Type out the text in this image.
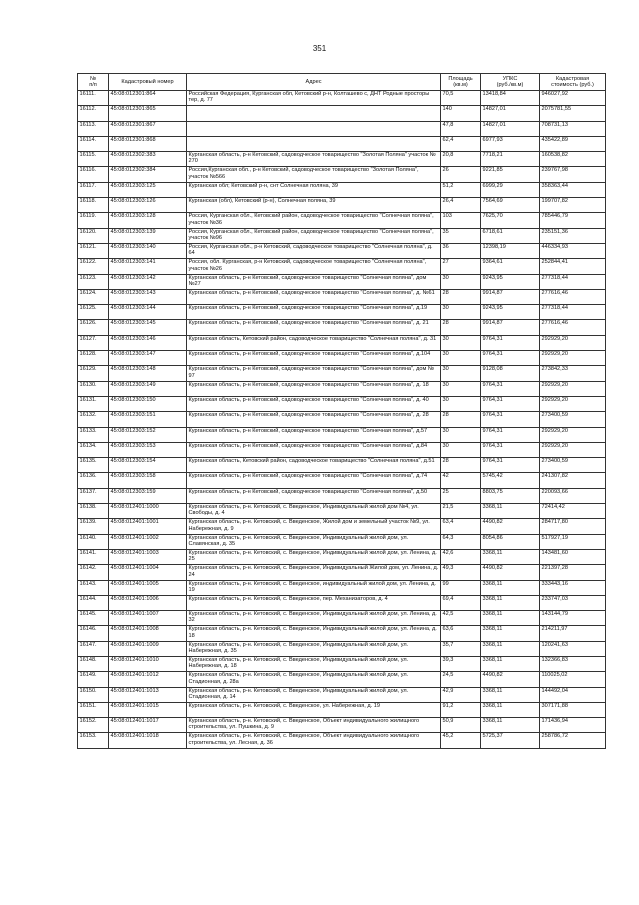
351
№
п/п	Кадастровый номер	Адрес	Площадь
(кв.м)	УПКС
(руб./кв.м)	Кадастровая
стоимость (руб.)
16111.	45:08:012301:864	Российская Федерация, Курганская обл, Кетовский р-н, Колташево с, ДНТ Родные просторы тер, д. 77	70,5	13418,84	946027,92
16112.	45:08:012301:865		140	14827,01	2075781,55
16113.	45:08:012301:867		47,8	14827,01	708731,13
16114.	45:08:012301:868		62,4	6977,93	435422,89
16115.	45:08:012302:383	Курганская область, р-н Кетовский, садоводческое товарищество "Золотая Поляна" участок № 270	20,8	7718,21	160538,82
16116.	45:08:012302:384	Россия,Курганская обл., р-н Кетовский, садоводческое товарищество "Золотая Поляна", участок №566	26	9221,85	239767,98
16117.	45:08:012303:125	Курганская обл; Кетовский р-н, снт Солнечная поляна, 39	51,2	6999,29	358363,44
16118.	45:08:012303:126	Курганская (обл), Кетовский (р-н), Солнечная поляна, 39	26,4	7564,69	199707,82
16119.	45:08:012303:128	Россия, Курганская обл., Кетовский район, садоводческое товарищество "Солнечная поляна", участок №36	103	7625,70	785446,79
16120.	45:08:012303:139	Россия, Курганская обл., Кетовский район, садоводческое товарищество "Солнечная поляна", участок №96	35	6718,61	235151,36
16121.	45:08:012303:140	Россия, Курганская обл., р-н Кетовский, садоводческое товарищество "Солнечная поляна", д. 64	36	12398,19	446334,93
16122.	45:08:012303:141	Россия, обл. Курганская, р-н Кетовский, садоводческое товарищество "Солнечная поляна", участок №26	27	9364,61	252844,41
16123.	45:08:012303:142	Курганская область, р-н Кетовский, садоводческое товарищество "Солнечная поляна", дом №27	30	9243,95	277318,44
16124.	45:08:012303:143	Курганская область, р-н Кетовский, садоводческое товарищество "Солнечная поляна", д. №61	28	9914,87	277616,46
16125.	45:08:012303:144	Курганская область, р-н Кетовский, садоводческое товарищество "Солнечная поляна", д.19	30	9243,95	277318,44
16126.	45:08:012303:145	Курганская область, р-н Кетовский, садоводческое товарищество "Солнечная поляна", д. 21	28	9914,87	277616,46
16127.	45:08:012303:146	Курганская область, Кетовский район, садоводческое товарищество "Солнечная поляна", д. 31	30	9764,31	292929,20
16128.	45:08:012303:147	Курганская область, р-н Кетовский, садоводческое товарищество "Солнечная поляна", д.104	30	9764,31	292929,20
16129.	45:08:012303:148	Курганская область, р-н Кетовский, садоводческое товарищество "Солнечная поляна", дом № 97	30	9128,08	273842,33
16130.	45:08:012303:149	Курганская область, р-н Кетовский, садоводческое товарищество "Солнечная поляна", д. 18	30	9764,31	292929,20
16131.	45:08:012303:150	Курганская область, р-н Кетовский, садоводческое товарищество "Солнечная поляна", д. 40	30	9764,31	292929,20
16132.	45:08:012303:151	Курганская область, р-н Кетовский, садоводческое товарищество "Солнечная поляна", д. 28	28	9764,31	273400,59
16133.	45:08:012303:152	Курганская область, р-н Кетовский, садоводческое товарищество "Солнечная поляна", д.57	30	9764,31	292929,20
16134.	45:08:012303:153	Курганская область, р-н Кетовский, садоводческое товарищество "Солнечная поляна", д.84	30	9764,31	292929,20
16135.	45:08:012303:154	Курганская область, Кетовский район, садоводческое товарищество "Солнечная поляна", д.51	28	9764,31	273400,59
16136.	45:08:012303:158	Курганская область, р-н Кетовский, садоводческое товарищество "Солнечная поляна", д.74	42	5745,42	241307,82
16137.	45:08:012303:159	Курганская область, р-н Кетовский, садоводческое товарищество "Солнечная поляна", д.50	25	8803,75	220093,66
16138.	45:08:012401:1000	Курганская область, р-н. Кетовский, с. Введенское, Индивидуальный жилой дом №4, ул. Свободы, д. 4	21,5	3368,11	72414,42
16139.	45:08:012401:1001	Курганская область, р-н. Кетовский, с. Введенское, Жилой дом и земельный участок №9, ул. Набережная, д. 9	63,4	4490,82	284717,80
16140.	45:08:012401:1002	Курганская область, р-н. Кетовский, с. Введенское, Индивидуальный жилой дом, ул. Славянская, д. 35	64,3	8054,86	517927,19
16141.	45:08:012401:1003	Курганская область, р-н. Кетовский, с. Введенское, Индивидуальный жилой дом, ул. Ленина, д. 25	42,6	3368,11	143481,60
16142.	45:08:012401:1004	Курганская область, р-н. Кетовский, с. Введенское, Индивидуальный Жилой дом, ул. Ленина, д. 24	49,3	4490,82	221397,28
16143.	45:08:012401:1005	Курганская область, р-н. Кетовский, с. Введенское, индивидуальный жилой дом, ул. Ленина, д. 19	99	3368,11	333443,16
16144.	45:08:012401:1006	Курганская область, р-н. Кетовский, с. Введенское, пер. Механизаторов, д. 4	69,4	3368,11	233747,03
16145.	45:08:012401:1007	Курганская область, р-н. Кетовский, с. Введенское, Индивидуальный жилой дом, ул. Ленина, д. 32	42,5	3368,11	143144,79
16146.	45:08:012401:1008	Курганская область, р-н. Кетовский, с. Введенское, Индивидуальный жилой дом, ул. Ленина, д. 18	63,6	3368,11	214211,97
16147.	45:08:012401:1009	Курганская область, р-н. Кетовский, с. Введенское, Индивидуальный жилой дом, ул. Набережная, д. 35	35,7	3368,11	120241,63
16148.	45:08:012401:1010	Курганская область, р-н. Кетовский, с. Введенское, Индивидуальный жилой дом, ул. Набережная, д. 18	39,3	3368,11	132366,83
16149.	45:08:012401:1012	Курганская область, р-н. Кетовский, с. Введенское, Индивидуальный жилой дом, ул. Стадионная, д. 28а	24,5	4490,82	110025,02
16150.	45:08:012401:1013	Курганская область, р-н. Кетовский, с. Введенское, Индивидуальный жилой дом, ул. Стадионная, д. 14	42,9	3368,11	144492,04
16151.	45:08:012401:1015	Курганская область, р-н. Кетовский, с. Введенское, ул. Набережная, д. 19	91,2	3368,11	307171,88
16152.	45:08:012401:1017	Курганская область, р-н. Кетовский, с. Введенское, Объект индивидуального жилищного строительства, ул. Пушкина, д. 9	50,9	3368,11	171436,94
16153.	45:08:012401:1018	Курганская область, р-н. Кетовский, с. Введенское, Объект индивидуального жилищного строительства, ул. Лесная, д. 36	45,2	5725,37	258786,72
